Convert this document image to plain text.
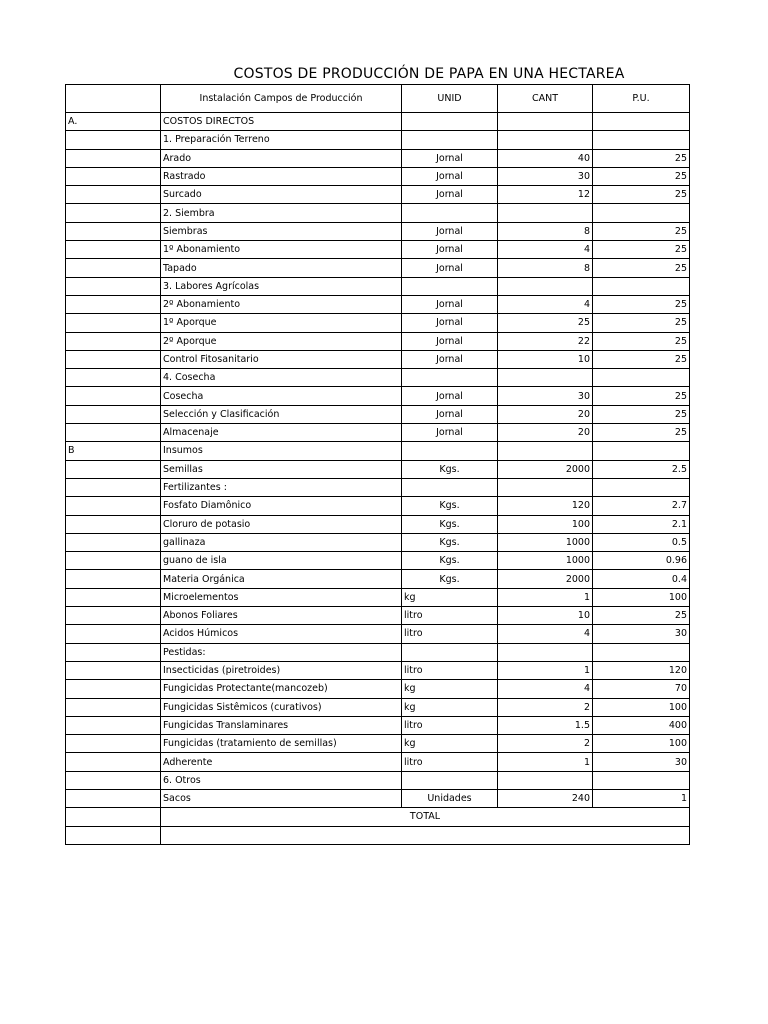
COSTOS DE PRODUCCIÓN DE PAPA EN UNA HECTAREA
	Instalación Campos de Producción	UNID	CANT	P.U.
A.	COSTOS DIRECTOS			
	1. Preparación Terreno			
	Arado	Jornal	40	25
	Rastrado	Jornal	30	25
	Surcado	Jornal	12	25
	2. Siembra			
	Siembras	Jornal	8	25
	1º Abonamiento	Jornal	4	25
	Tapado	Jornal	8	25
	3. Labores Agrícolas			
	2º Abonamiento	Jornal	4	25
	1º Aporque	Jornal	25	25
	2º Aporque	Jornal	22	25
	Control Fitosanitario	Jornal	10	25
	4. Cosecha			
	Cosecha	Jornal	30	25
	Selección y Clasificación	Jornal	20	25
	Almacenaje	Jornal	20	25
B	Insumos			
	Semillas	Kgs.	2000	2.5
	Fertilizantes :			
	Fosfato Diamônico	Kgs.	120	2.7
	Cloruro de potasio	Kgs.	100	2.1
	gallinaza	Kgs.	1000	0.5
	guano de isla	Kgs.	1000	0.96
	Materia Orgánica	Kgs.	2000	0.4
	Microelementos	kg	1	100
	Abonos Foliares	litro	10	25
	Acidos Húmicos	litro	4	30
	Pestidas:			
	Insecticidas (piretroides)	litro	1	120
	Fungicidas Protectante(mancozeb)	kg	4	70
	Fungicidas Sistêmicos (curativos)	kg	2	100
	Fungicidas Translaminares	litro	1.5	400
	Fungicidas (tratamiento de semillas)	kg	2	100
	Adherente	litro	1	30
	6. Otros			
	Sacos	Unidades	240	1
	TOTAL			
